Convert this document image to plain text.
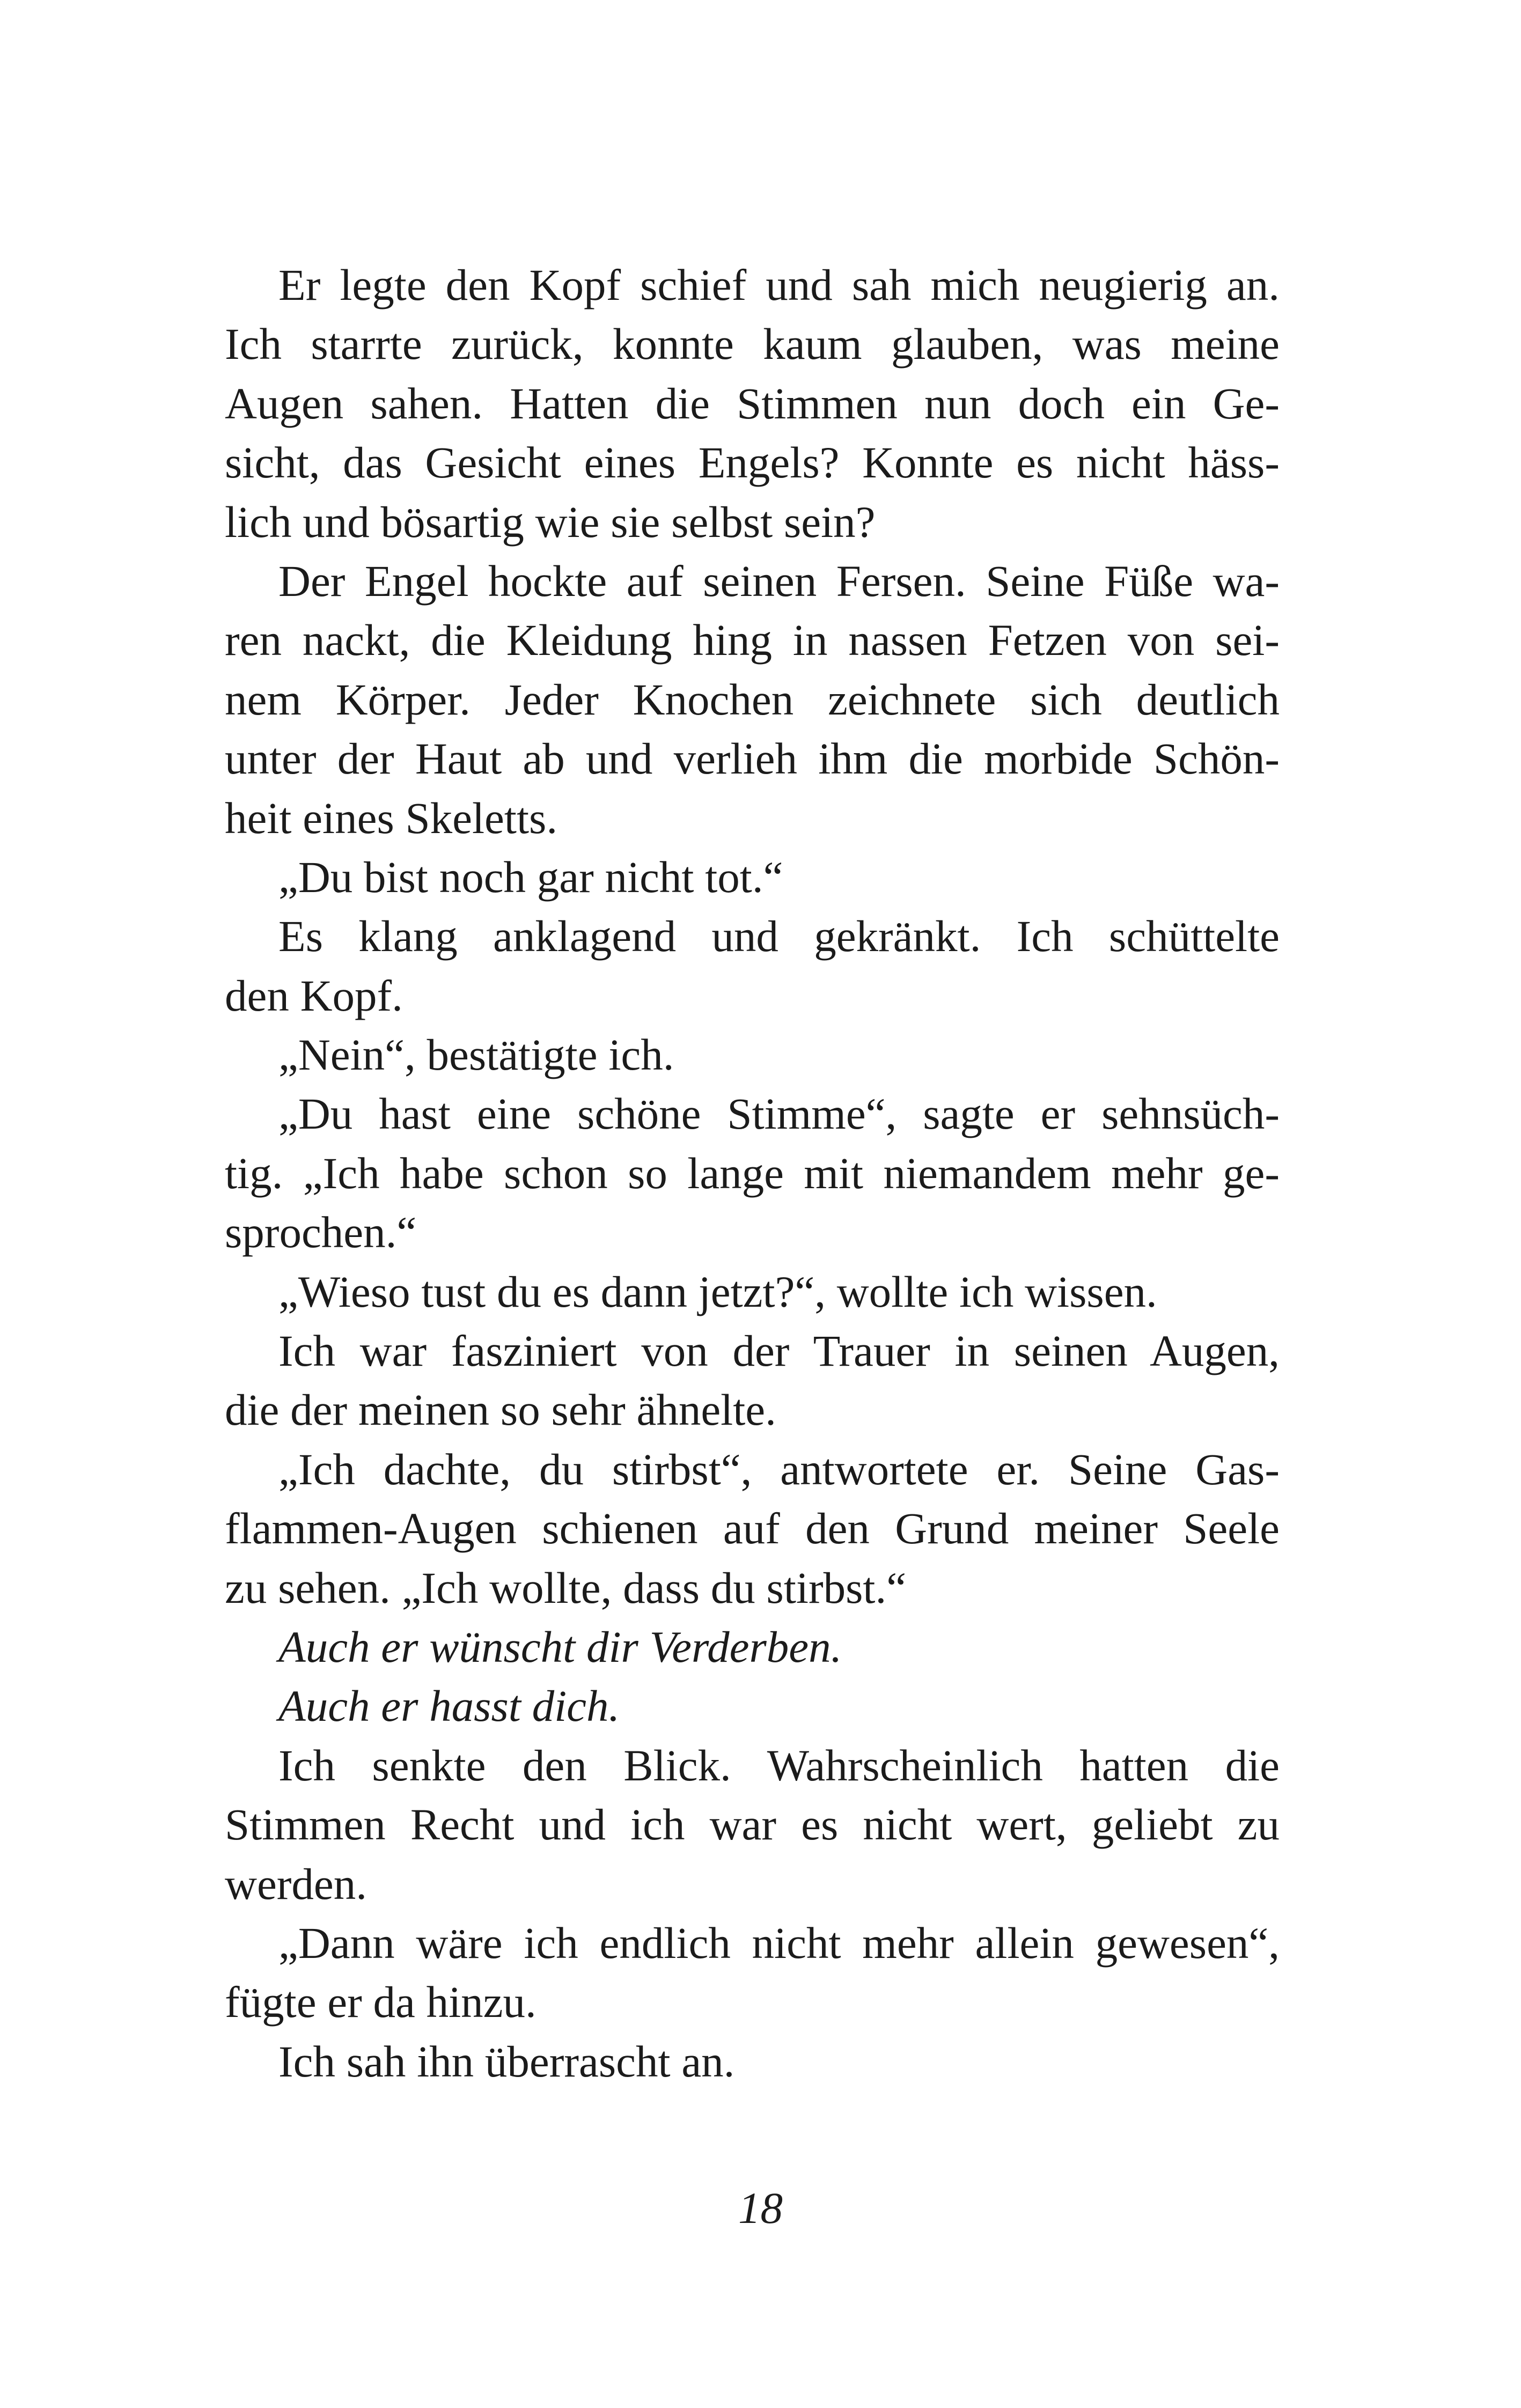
Er legte den Kopf schief und sah mich neugierig an.
Ich starrte zurück, konnte kaum glauben, was meine
Augen sahen. Hatten die Stimmen nun doch ein Ge-
sicht, das Gesicht eines Engels? Konnte es nicht häss-
lich und bösartig wie sie selbst sein?
Der Engel hockte auf seinen Fersen. Seine Füße wa-
ren nackt, die Kleidung hing in nassen Fetzen von sei-
nem Körper. Jeder Knochen zeichnete sich deutlich
unter der Haut ab und verlieh ihm die morbide Schön-
heit eines Skeletts.
„Du bist noch gar nicht tot.“
Es klang anklagend und gekränkt. Ich schüttelte
den Kopf.
„Nein“, bestätigte ich.
„Du hast eine schöne Stimme“, sagte er sehnsüch-
tig. „Ich habe schon so lange mit niemandem mehr ge-
sprochen.“
„Wieso tust du es dann jetzt?“, wollte ich wissen.
Ich war fasziniert von der Trauer in seinen Augen,
die der meinen so sehr ähnelte.
„Ich dachte, du stirbst“, antwortete er. Seine Gas-
flammen-Augen schienen auf den Grund meiner Seele
zu sehen. „Ich wollte, dass du stirbst.“
Auch er wünscht dir Verderben.
Auch er hasst dich.
Ich senkte den Blick. Wahrscheinlich hatten die
Stimmen Recht und ich war es nicht wert, geliebt zu
werden.
„Dann wäre ich endlich nicht mehr allein gewesen“,
fügte er da hinzu.
Ich sah ihn überrascht an.
18
